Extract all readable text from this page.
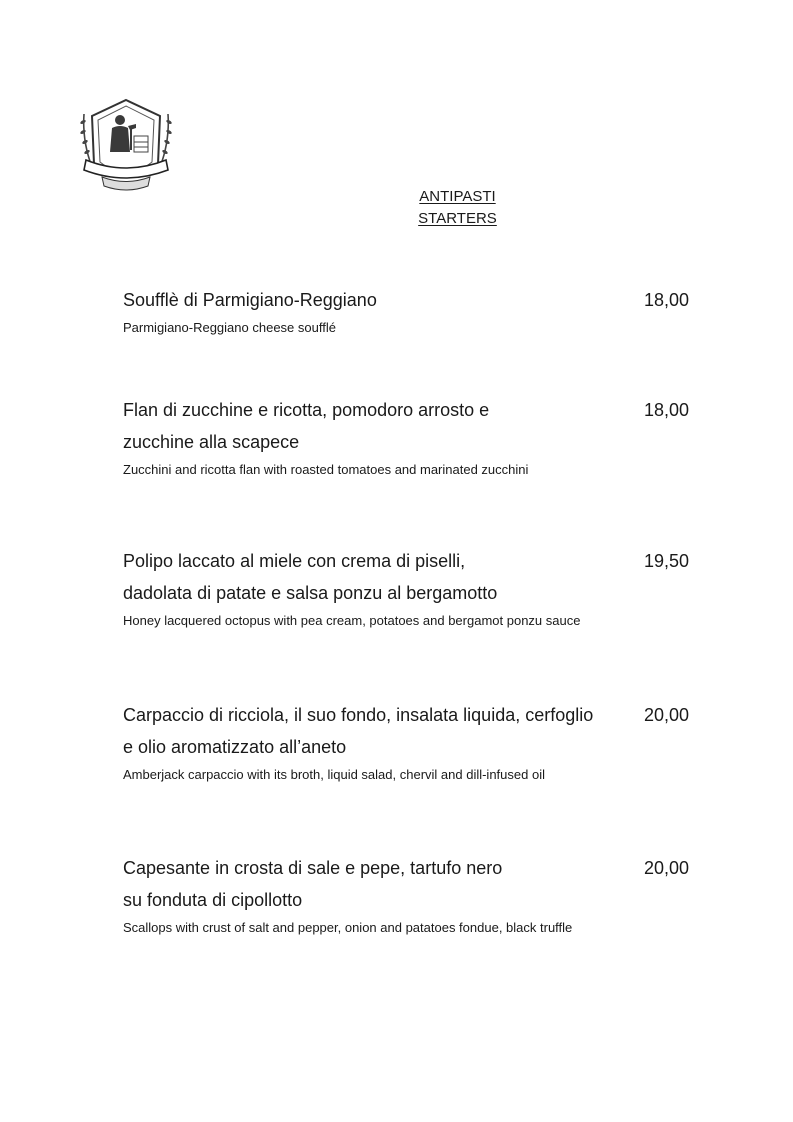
ANTIPASTI
STARTERS
Soufflè di Parmigiano-Reggiano	18,00
Parmigiano-Reggiano cheese soufflé
Flan di zucchine e ricotta, pomodoro arrosto e
zucchine alla scapece
18,00
Zucchini and ricotta flan with roasted tomatoes and marinated zucchini
Polipo laccato al miele con crema di piselli,
dadolata di patate e salsa ponzu al bergamotto
19,50
Honey lacquered octopus with pea cream, potatoes and bergamot ponzu sauce
Carpaccio di ricciola, il suo fondo, insalata liquida, cerfoglio
e olio aromatizzato all’aneto
20,00
Amberjack carpaccio with its broth, liquid salad, chervil and dill-infused oil
Capesante in crosta di sale e pepe, tartufo nero
su fonduta di cipollotto
20,00
Scallops with crust of salt and pepper, onion and patatoes fondue, black truffle
